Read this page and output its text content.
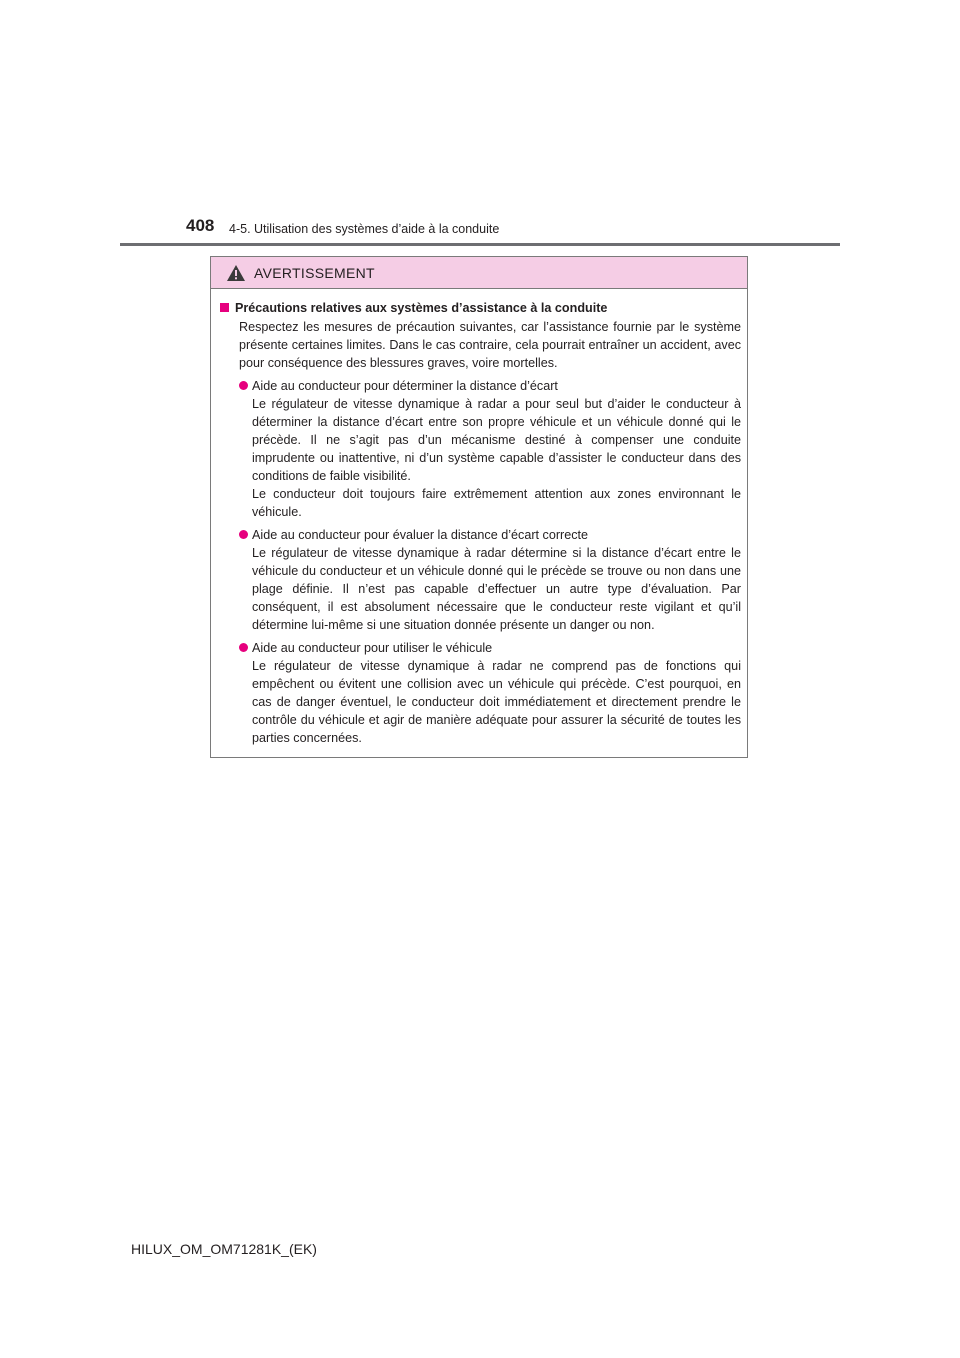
408 4-5. Utilisation des systèmes d’aide à la conduite
AVERTISSEMENT
Précautions relatives aux systèmes d’assistance à la conduite
Respectez les mesures de précaution suivantes, car l’assistance fournie par le système présente certaines limites. Dans le cas contraire, cela pourrait entraîner un accident, avec pour conséquence des blessures graves, voire mortelles.
Aide au conducteur pour déterminer la distance d’écart
Le régulateur de vitesse dynamique à radar a pour seul but d’aider le conducteur à déterminer la distance d’écart entre son propre véhicule et un véhicule donné qui le précède. Il ne s’agit pas d’un mécanisme destiné à compenser une conduite imprudente ou inattentive, ni d’un système capable d’assister le conducteur dans des conditions de faible visibilité.
Le conducteur doit toujours faire extrêmement attention aux zones environnant le véhicule.
Aide au conducteur pour évaluer la distance d’écart correcte
Le régulateur de vitesse dynamique à radar détermine si la distance d’écart entre le véhicule du conducteur et un véhicule donné qui le précède se trouve ou non dans une plage définie. Il n’est pas capable d’effectuer un autre type d’évaluation. Par conséquent, il est absolument nécessaire que le conducteur reste vigilant et qu’il détermine lui-même si une situation donnée présente un danger ou non.
Aide au conducteur pour utiliser le véhicule
Le régulateur de vitesse dynamique à radar ne comprend pas de fonctions qui empêchent ou évitent une collision avec un véhicule qui précède. C’est pourquoi, en cas de danger éventuel, le conducteur doit immédiatement et directement prendre le contrôle du véhicule et agir de manière adéquate pour assurer la sécurité de toutes les parties concernées.
HILUX_OM_OM71281K_(EK)
